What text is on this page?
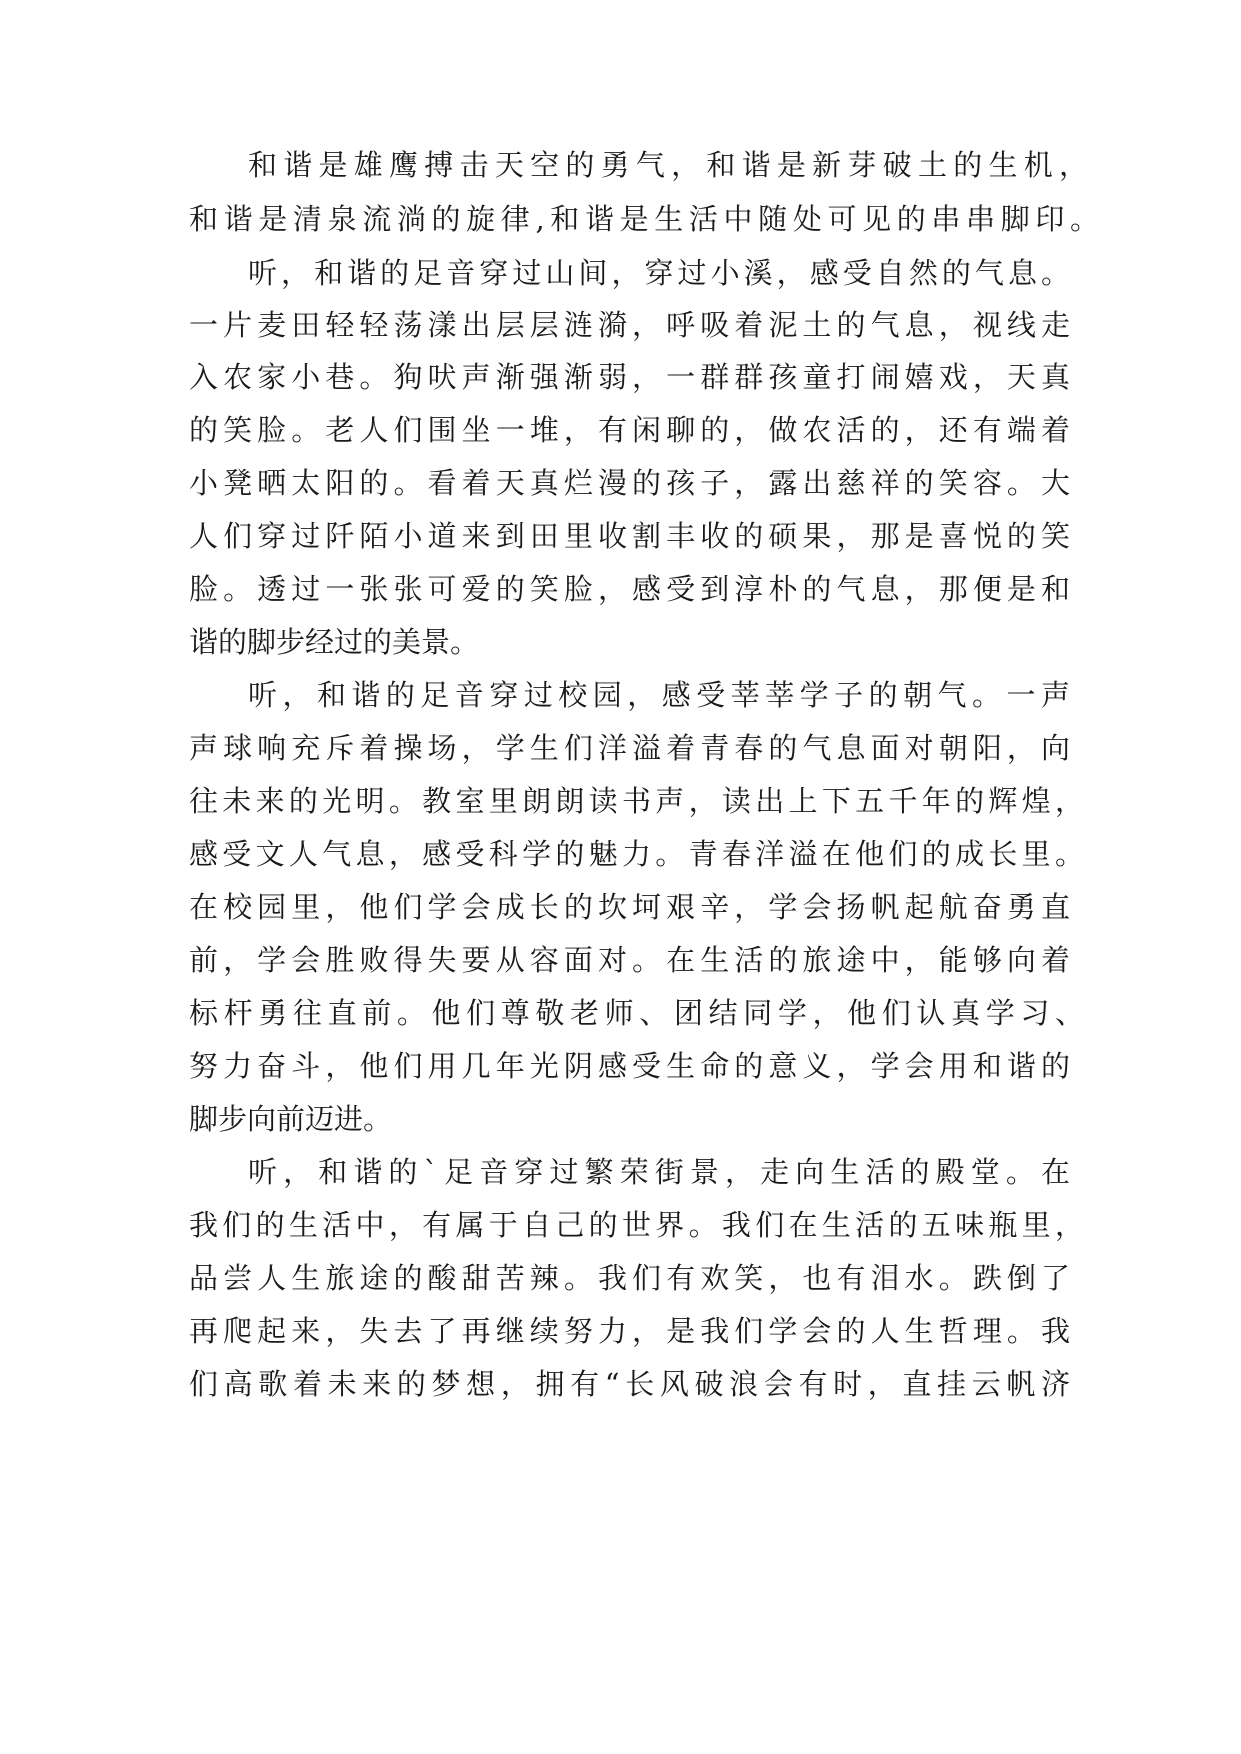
和谐是雄鹰搏击天空的勇气，和谐是新芽破土的生机，
和谐是清泉流淌的旋律,和谐是生活中随处可见的串串脚印。
听，和谐的足音穿过山间，穿过小溪，感受自然的气息。
一片麦田轻轻荡漾出层层涟漪，呼吸着泥土的气息，视线走
入农家小巷。狗吠声渐强渐弱，一群群孩童打闹嬉戏，天真
的笑脸。老人们围坐一堆，有闲聊的，做农活的，还有端着
小凳晒太阳的。看着天真烂漫的孩子，露出慈祥的笑容。大
人们穿过阡陌小道来到田里收割丰收的硕果，那是喜悦的笑
脸。透过一张张可爱的笑脸，感受到淳朴的气息，那便是和
谐的脚步经过的美景。
听，和谐的足音穿过校园，感受莘莘学子的朝气。一声
声球响充斥着操场，学生们洋溢着青春的气息面对朝阳，向
往未来的光明。教室里朗朗读书声，读出上下五千年的辉煌，
感受文人气息，感受科学的魅力。青春洋溢在他们的成长里。
在校园里，他们学会成长的坎坷艰辛，学会扬帆起航奋勇直
前，学会胜败得失要从容面对。在生活的旅途中，能够向着
标杆勇往直前。他们尊敬老师、团结同学，他们认真学习、
努力奋斗，他们用几年光阴感受生命的意义，学会用和谐的
脚步向前迈进。
听，和谐的`足音穿过繁荣街景，走向生活的殿堂。在
我们的生活中，有属于自己的世界。我们在生活的五味瓶里，
品尝人生旅途的酸甜苦辣。我们有欢笑，也有泪水。跌倒了
再爬起来，失去了再继续努力，是我们学会的人生哲理。我
们高歌着未来的梦想，拥有“长风破浪会有时，直挂云帆济
